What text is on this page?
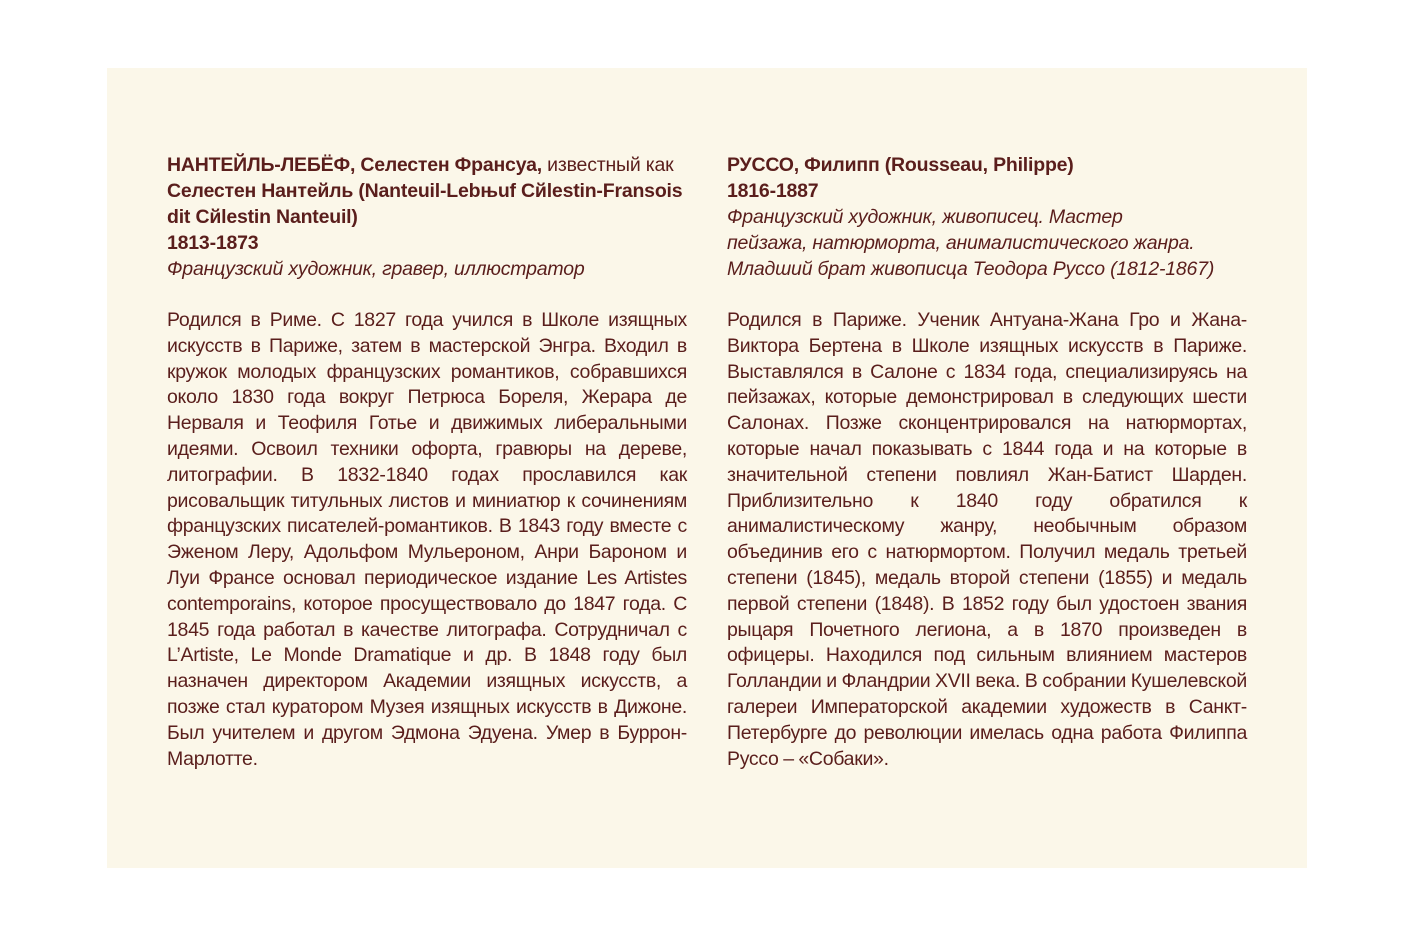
НАНТЕЙЛЬ-ЛЕБЁФ, Селестен Франсуа, известный как
Селестен Нантейль (Nanteuil-Lebњuf Cйlestin-Fransois
dit Cйlestin Nanteuil)
1813-1873
Французский художник, гравер, иллюстратор
Родился в Риме. С 1827 года учился в Школе изящных искусств в Париже, затем в мастерской Энгра. Входил в кружок молодых французских романтиков, собравшихся около 1830 года вокруг Петрюса Бореля, Жерара де Нерваля и Теофиля Готье и движимых либеральными идеями. Освоил техники офорта, гравюры на дереве, литографии. В 1832-1840 годах прославился как рисовальщик титульных листов и миниатюр к сочинениям французских писателей-романтиков. В 1843 году вместе с Эженом Леру, Адольфом Мульероном, Анри Бароном и Луи Франсе основал периодическое издание Les Artistes contemporains, которое просуществовало до 1847 года. С 1845 года работал в качестве литографа. Сотрудничал с L’Artiste, Le Monde Dramatique и др. В 1848 году был назначен директором Академии изящных искусств, а позже стал куратором Музея изящных искусств в Дижоне. Был учителем и другом Эдмона Эдуена. Умер в Буррон-Марлотте.
РУССО, Филипп (Rousseau, Philippe)
1816-1887
Французский художник, живописец. Мастер
пейзажа, натюрморта, анималистического жанра.
Младший брат живописца Теодора Руссо (1812-1867)
Родился в Париже. Ученик Антуана-Жана Гро и Жана-Виктора Бертена в Школе изящных искусств в Париже. Выставлялся в Салоне с 1834 года, специализируясь на пейзажах, которые демонстрировал в следующих шести Салонах. Позже сконцентрировался на натюрмортах, которые начал показывать с 1844 года и на которые в значительной степени повлиял Жан-Батист Шарден. Приблизительно к 1840 году обратился к анималистическому жанру, необычным образом объединив его с натюрмортом. Получил медаль третьей степени (1845), медаль второй степени (1855) и медаль первой степени (1848). В 1852 году был удостоен звания рыцаря Почетного легиона, а в 1870 произведен в офицеры. Находился под сильным влиянием мастеров Голландии и Фландрии XVII века. В собрании Кушелевской галереи Императорской академии художеств в Санкт-Петербурге до революции имелась одна работа Филиппа Руссо – «Собаки».
